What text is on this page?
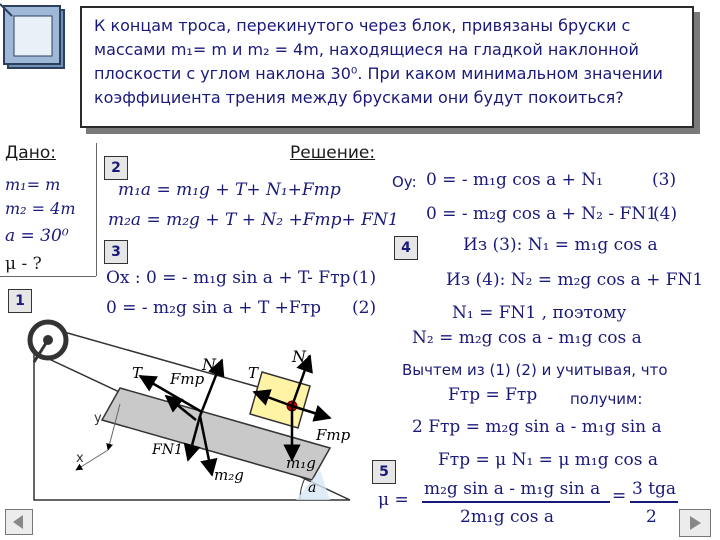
К концам троса, перекинутого через блок, привязаны бруски с массами m₁= m и m₂ = 4m, находящиеся на гладкой наклонной плоскости с углом наклона 30⁰. При каком минимальном значении коэффициента трения между брусками они будут покоиться?
Дано:
m₁= m
m₂ = 4m
a = 30⁰
μ - ?
Решение:
2
3
1
4
5
m₁a = m₁g + T+ N₁+Fтр
m₂a = m₂g + T + N₂ +Fтр+ FN1
Ox : 0 = - m₁g sin a + T- Fтр (1)
0 = - m₂g sin a + T +Fтр (2)
Oy: 0 = - m₁g cos a + N₁	(3)
0 = - m₂g cos a + N₂ - FN1
(4)
Из (3): N₁ = m₁g cos a
Из (4): N₂ = m₂g cos a + FN1
N₁ = FN1 , поэтому
N₂ = m₂g cos a - m₁g cos a
Вычтем из (1) (2) и учитывая, что
Fтр = Fтр получим:
2 Fтр = m₂g sin a - m₁g sin a
Fтр = μ N₁ = μ m₁g cos a
μ =
m₂g sin a - m₁g sin a
2m₁g cos a
= 3 tga
2
T Fтр
N₂ T
N₁
Fтр
FN1
m₁g
m₂g
a
y
x
